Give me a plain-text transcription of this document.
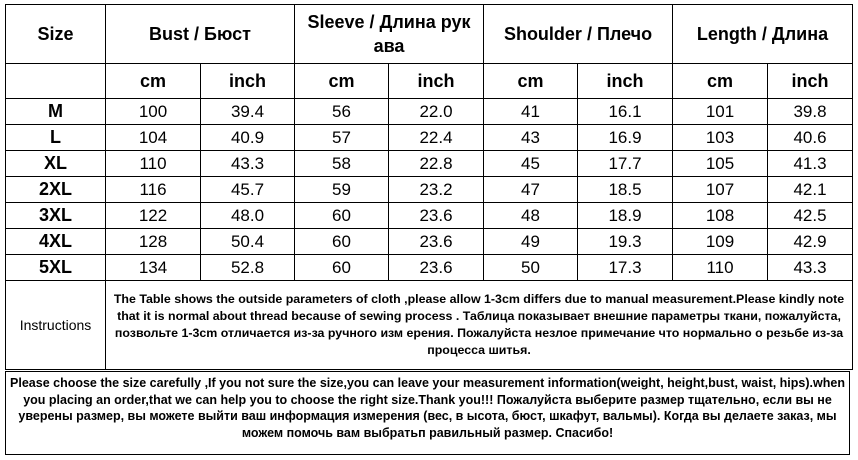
Size	Bust / Бюст		Sleeve / Длина рук ава		Shoulder / Плечо		Length / Длина	
	cm	inch	cm	inch	cm	inch	cm	inch
M	100	39.4	56	22.0	41	16.1	101	39.8
L	104	40.9	57	22.4	43	16.9	103	40.6
XL	110	43.3	58	22.8	45	17.7	105	41.3
2XL	116	45.7	59	23.2	47	18.5	107	42.1
3XL	122	48.0	60	23.6	48	18.9	108	42.5
4XL	128	50.4	60	23.6	49	19.3	109	42.9
5XL	134	52.8	60	23.6	50	17.3	110	43.3
Instructions	The Table shows the outside parameters of cloth ,please allow 1-3cm differs due to manual measurement.Please kindly note that it is normal about thread because of sewing process . Таблица показывает внешние параметры ткани, пожалуйста, позвольте 1-3cm отличается из-за ручного изм ерения. Пожалуйста незлое примечание что нормально о резьбе из-за процесса шитья.							
Please choose the size carefully ,If you not sure the size,you can leave your measurement information(weight, height,bust, waist, hips).when you placing an order,that we can help you to choose the right size.Thank you!!! Пожалуйста выберите размер тщательно, если вы не уверены размер, вы можете выйти ваш информация измерения (вес, в ысота, бюст, шкафут, вальмы). Когда вы делаете заказ, мы можем помочь вам выбратьп равильный размер. Спасибо!
